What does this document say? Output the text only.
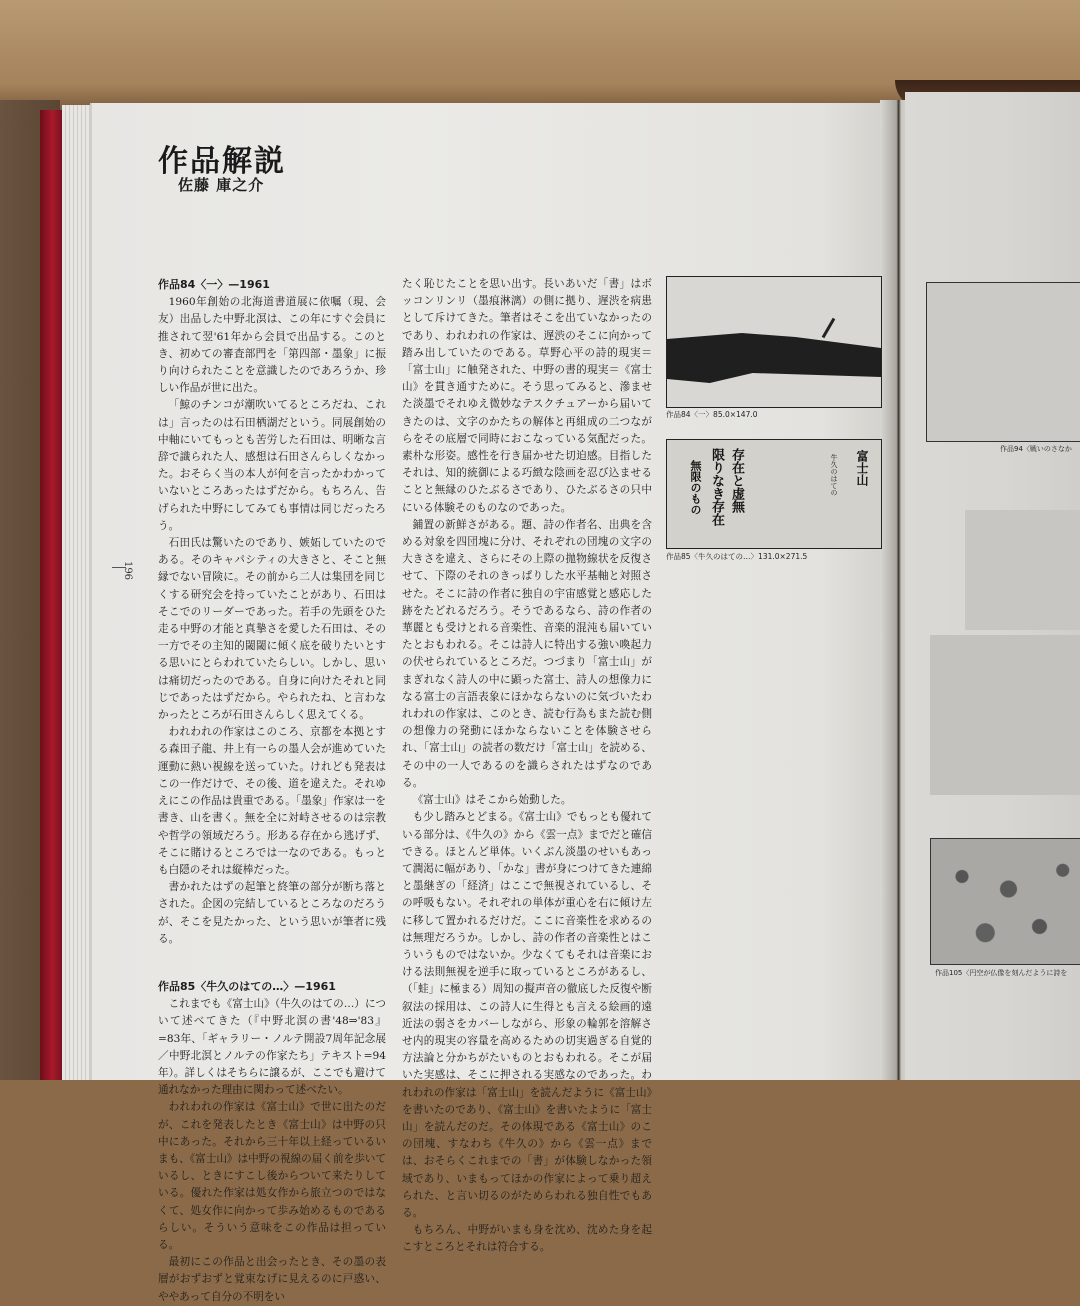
作品解説
佐藤 庫之介
196

作品84〈一〉—1961

1960年創始の北海道書道展に依嘱（現、会友）出品した中野北溟は、この年にすぐ会員に推されて翌'61年から会員で出品する。このとき、初めての審査部門を「第四部・墨象」に振り向けられたことを意識したのであろうか、珍しい作品が世に出た。

「鯨のチンコが潮吹いてるところだね、これは」言ったのは石田栖湖だという。同展創始の中軸にいてもっとも苦労した石田は、明晰な言辞で識られた人、感想は石田さんらしくなかった。おそらく当の本人が何を言ったかわかっていないところあったはずだから。もちろん、告げられた中野にしてみても事情は同じだったろう。

石田氏は驚いたのであり、嫉妬していたのである。そのキャパシティの大きさと、そこと無縁でない冒険に。その前から二人は集団を同じくする研究会を持っていたことがあり、石田はそこでのリーダーであった。若手の先頭をひた走る中野の才能と真摯さを愛した石田は、その一方でその主知的閾閾に傾く底を破りたいとする思いにとらわれていたらしい。しかし、思いは痛切だったのである。自身に向けたそれと同じであったはずだから。やられたね、と言わなかったところが石田さんらしく思えてくる。

われわれの作家はこのころ、京都を本拠とする森田子龍、井上有一らの墨人会が進めていた運動に熱い視線を送っていた。けれども発表はこの一作だけで、その後、道を違えた。それゆえにこの作品は貴重である。「墨象」作家は一を書き、山を書く。無を全に対峙させるのは宗教や哲学の領域だろう。形ある存在から逃げず、そこに賭けるところでは一なのである。もっとも白隠のそれは縦棒だった。

書かれたはずの起筆と終筆の部分が断ち落とされた。企図の完結しているところなのだろうが、そこを見たかった、という思いが筆者に残る。

作品85〈牛久のはての…〉—1961

これまでも《富士山》（牛久のはての…）について述べてきた（『中野北溟の書'48⇒'83』=83年、「ギャラリー・ノルテ開設7周年記念展／中野北溟とノルテの作家たち」テキスト=94年）。詳しくはそちらに譲るが、ここでも避けて通れなかった理由に関わって述べたい。

われわれの作家は《富士山》で世に出たのだが、これを発表したとき《富士山》は中野の只中にあった。それから三十年以上経っているいまも、《富士山》は中野の視線の届く前を歩いているし、ときにすこし後からついて来たりしている。優れた作家は処女作から旅立つのではなくて、処女作に向かって歩み始めるものであるらしい。そういう意味をこの作品は担っている。

最初にこの作品と出会ったとき、その墨の表層がおずおずと覚束なげに見えるのに戸惑い、ややあって自分の不明をい

たく恥じたことを思い出す。長いあいだ「書」はボッコンリンリ（墨痕淋漓）の側に拠り、遅渋を病患として斥けてきた。筆者はそこを出ていなかったのであり、われわれの作家は、遅渋のそこに向かって踏み出していたのである。草野心平の詩的現実＝「富士山」に触発された、中野の書的現実＝《富士山》を貫き通すために。そう思ってみると、滲ませた淡墨でそれゆえ微妙なテスクチュアーから届いてきたのは、文字のかたちの解体と再組成の二つながらをその底層で同時におこなっている気配だった。素朴な形姿。感性を行き届かせた切迫感。目指したそれは、知的統御による巧緻な陰画を忍び込ませることと無縁のひたぶるさであり、ひたぶるさの只中にいる体験そのものなのであった。

鋪置の新鮮さがある。題、詩の作者名、出典を含める対象を四団塊に分け、それぞれの団塊の文字の大きさを違え、さらにその上際の拋物線状を反復させて、下際のそれのきっぱりした水平基軸と対照させた。そこに詩の作者に独自の宇宙感覚と感応した跡をたどれるだろう。そうであるなら、詩の作者の華麗とも受けとれる音楽性、音楽的混沌も届いていたとおもわれる。そこは詩人に特出する強い喚起力の伏せられているところだ。つづまり「富士山」がまぎれなく詩人の中に顕った富士、詩人の想像力になる富士の言語表象にほかならないのに気づいたわれわれの作家は、このとき、読む行為もまた読む側の想像力の発動にほかならないことを体験させられ、「富士山」の読者の数だけ「富士山」を読める、その中の一人であるのを識らされたはずなのである。

《富士山》はそこから始動した。

も少し踏みとどまる。《富士山》でもっとも優れている部分は、《牛久の》から《雲一点》までだと確信できる。ほとんど単体。いくぶん淡墨のせいもあって潤渇に幅があり、「かな」書が身につけてきた連綿と墨継ぎの「経済」はここで無視されているし、その呼吸もない。それぞれの単体が重心を右に傾け左に移して置かれるだけだ。ここに音楽性を求めるのは無理だろうか。しかし、詩の作者の音楽性とはこういうものではないか。少なくてもそれは音楽における法則無視を逆手に取っているところがあるし、（「蛙」に極まる）周知の擬声音の徹底した反復や断叙法の採用は、この詩人に生得とも言える絵画的遠近法の弱さをカバーしながら、形象の輪郭を溶解させ内的現実の容量を高めるための切実過ぎる自覚的方法論と分かちがたいものとおもわれる。そこが届いた実感は、そこに押される実感なのであった。われわれの作家は「富士山」を読んだように《富士山》を書いたのであり、《富士山》を書いたように「富士山」を読んだのだ。その体現である《富士山》のこの団塊、すなわち《牛久の》から《雲一点》までは、おそらくこれまでの「書」が体験しなかった領域であり、いまもってほかの作家によって乗り超えられた、と言い切るのがためらわれる独自性でもある。

もちろん、中野がいまも身を沈め、沈めた身を起こすところとそれは符合する。

作品84〈一〉85.0×147.0
富士山
牛久のはての
存在と虚無
限りなき存在
無限のもの
作品85〈牛久のはての…〉131.0×271.5
作品94〈戦いのさなか
作品105〈円空が仏像を刻んだように詩を
